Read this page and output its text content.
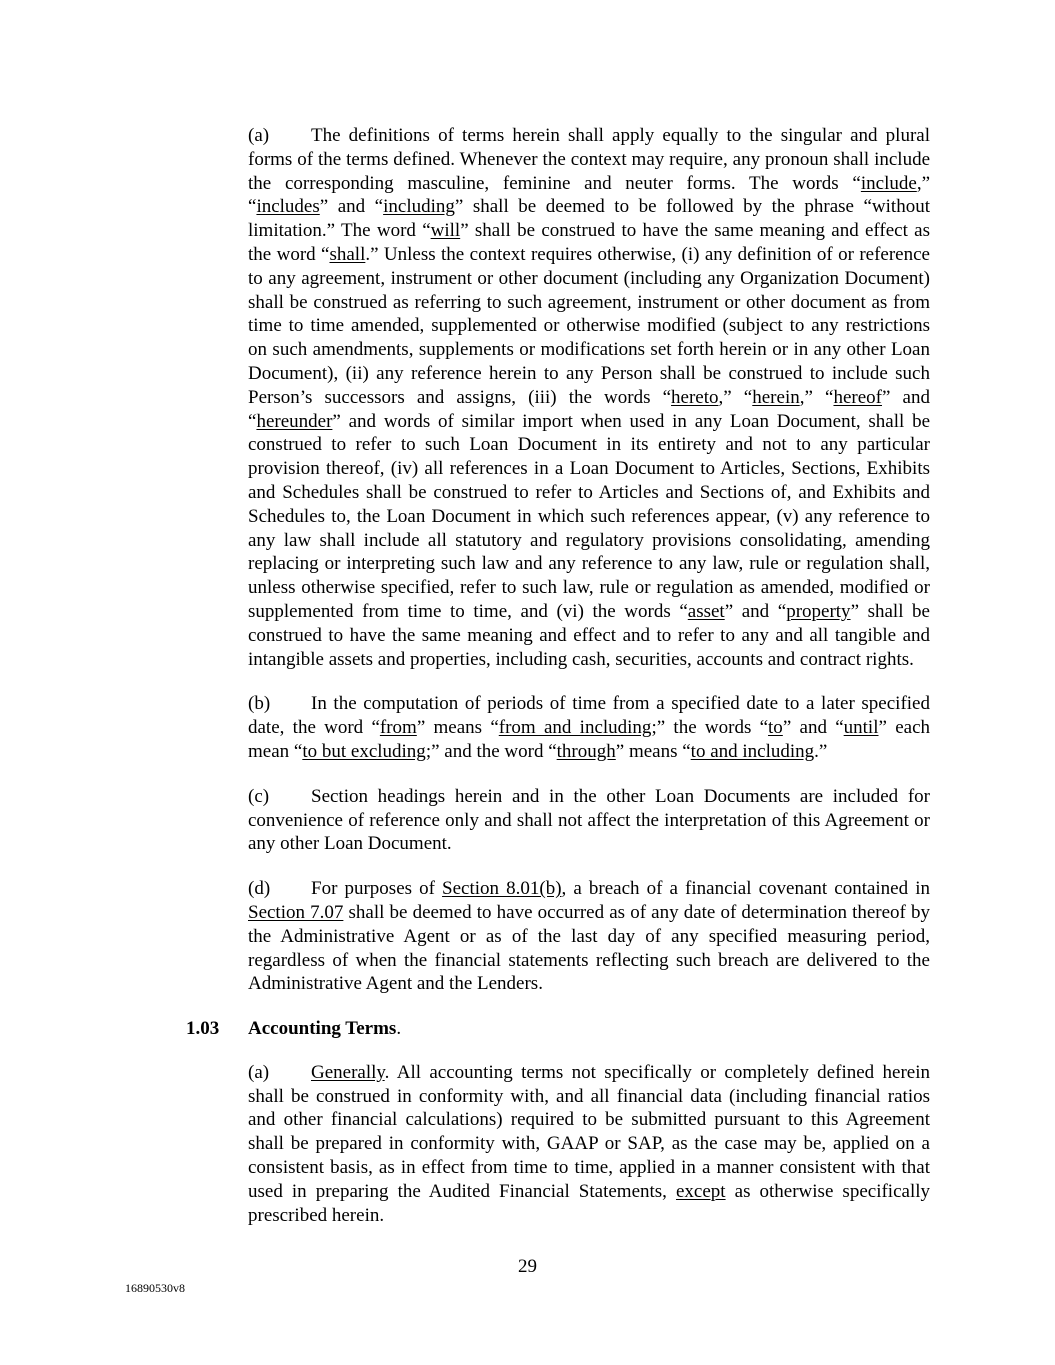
(a) The definitions of terms herein shall apply equally to the singular and plural forms of the terms defined. Whenever the context may require, any pronoun shall include the corresponding masculine, feminine and neuter forms. The words “include,” “includes” and “including” shall be deemed to be followed by the phrase “without limitation.” The word “will” shall be construed to have the same meaning and effect as the word “shall.” Unless the context requires otherwise, (i) any definition of or reference to any agreement, instrument or other document (including any Organization Document) shall be construed as referring to such agreement, instrument or other document as from time to time amended, supplemented or otherwise modified (subject to any restrictions on such amendments, supplements or modifications set forth herein or in any other Loan Document), (ii) any reference herein to any Person shall be construed to include such Person’s successors and assigns, (iii) the words “hereto,” “herein,” “hereof” and “hereunder” and words of similar import when used in any Loan Document, shall be construed to refer to such Loan Document in its entirety and not to any particular provision thereof, (iv) all references in a Loan Document to Articles, Sections, Exhibits and Schedules shall be construed to refer to Articles and Sections of, and Exhibits and Schedules to, the Loan Document in which such references appear, (v) any reference to any law shall include all statutory and regulatory provisions consolidating, amending replacing or interpreting such law and any reference to any law, rule or regulation shall, unless otherwise specified, refer to such law, rule or regulation as amended, modified or supplemented from time to time, and (vi) the words “asset” and “property” shall be construed to have the same meaning and effect and to refer to any and all tangible and intangible assets and properties, including cash, securities, accounts and contract rights.

(b) In the computation of periods of time from a specified date to a later specified date, the word “from” means “from and including;” the words “to” and “until” each mean “to but excluding;” and the word “through” means “to and including.”

(c) Section headings herein and in the other Loan Documents are included for convenience of reference only and shall not affect the interpretation of this Agreement or any other Loan Document.

(d) For purposes of Section 8.01(b), a breach of a financial covenant contained in Section 7.07 shall be deemed to have occurred as of any date of determination thereof by the Administrative Agent or as of the last day of any specified measuring period, regardless of when the financial statements reflecting such breach are delivered to the Administrative Agent and the Lenders.

1.03 Accounting Terms.

(a) Generally. All accounting terms not specifically or completely defined herein shall be construed in conformity with, and all financial data (including financial ratios and other financial calculations) required to be submitted pursuant to this Agreement shall be prepared in conformity with, GAAP or SAP, as the case may be, applied on a consistent basis, as in effect from time to time, applied in a manner consistent with that used in preparing the Audited Financial Statements, except as otherwise specifically prescribed herein.

29
16890530v8
